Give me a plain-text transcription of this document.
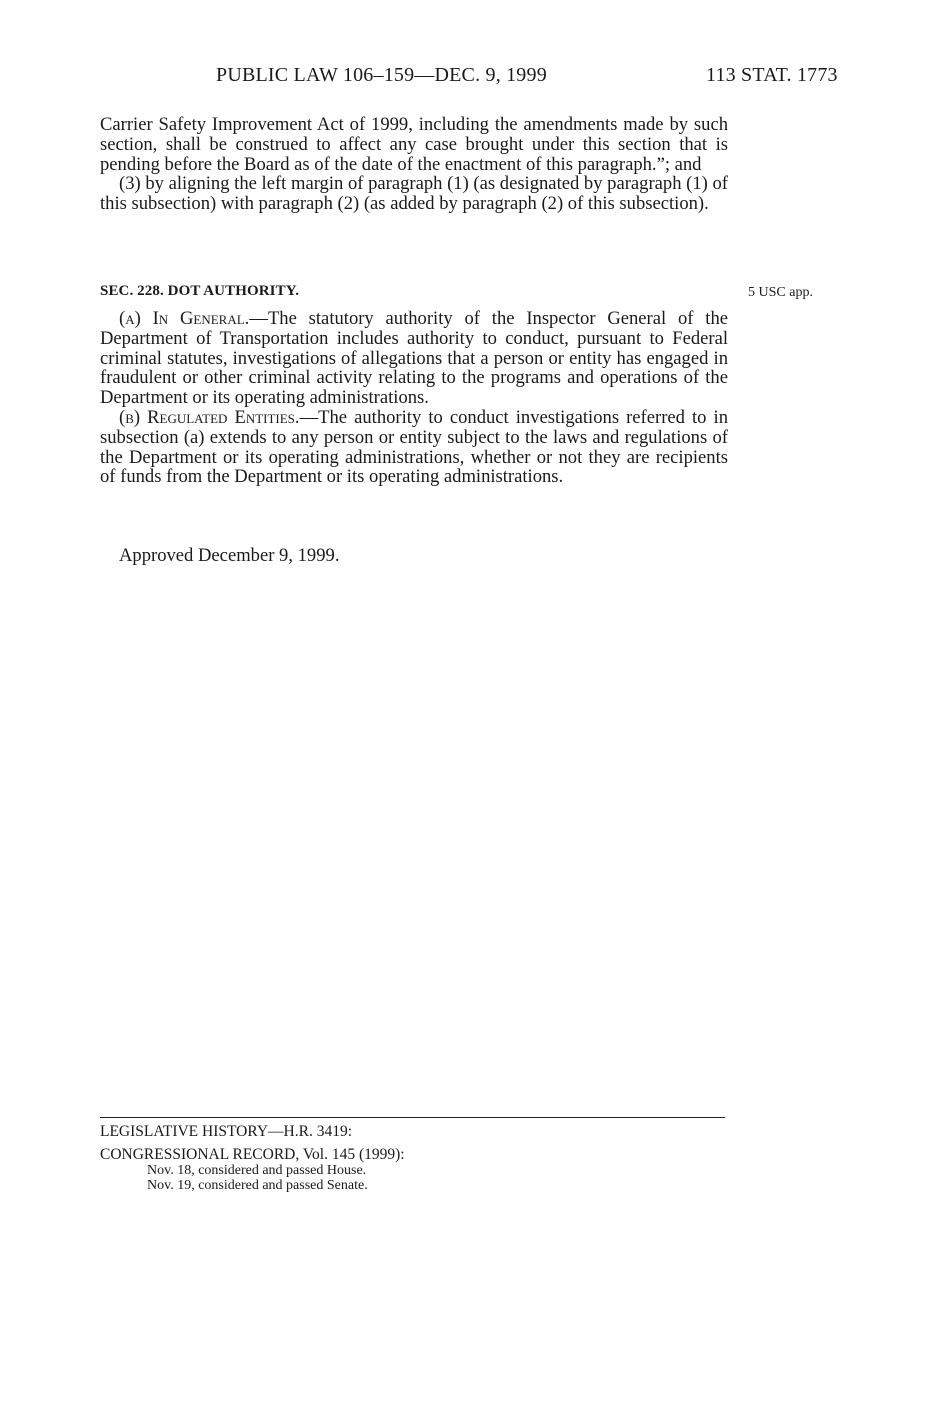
PUBLIC LAW 106–159—DEC. 9, 1999	113 STAT. 1773

Carrier Safety Improvement Act of 1999, including the amendments made by such section, shall be construed to affect any case brought under this section that is pending before the Board as of the date of the enactment of this paragraph.”; and

(3) by aligning the left margin of paragraph (1) (as designated by paragraph (1) of this subsection) with paragraph (2) (as added by paragraph (2) of this subsection).

SEC. 228. DOT AUTHORITY.	5 USC app.

(a) In General.—The statutory authority of the Inspector General of the Department of Transportation includes authority to conduct, pursuant to Federal criminal statutes, investigations of allegations that a person or entity has engaged in fraudulent or other criminal activity relating to the programs and operations of the Department or its operating administrations.

(b) Regulated Entities.—The authority to conduct investigations referred to in subsection (a) extends to any person or entity subject to the laws and regulations of the Department or its operating administrations, whether or not they are recipients of funds from the Department or its operating administrations.

Approved December 9, 1999.
LEGISLATIVE HISTORY—H.R. 3419:
CONGRESSIONAL RECORD, Vol. 145 (1999):
Nov. 18, considered and passed House.
Nov. 19, considered and passed Senate.
